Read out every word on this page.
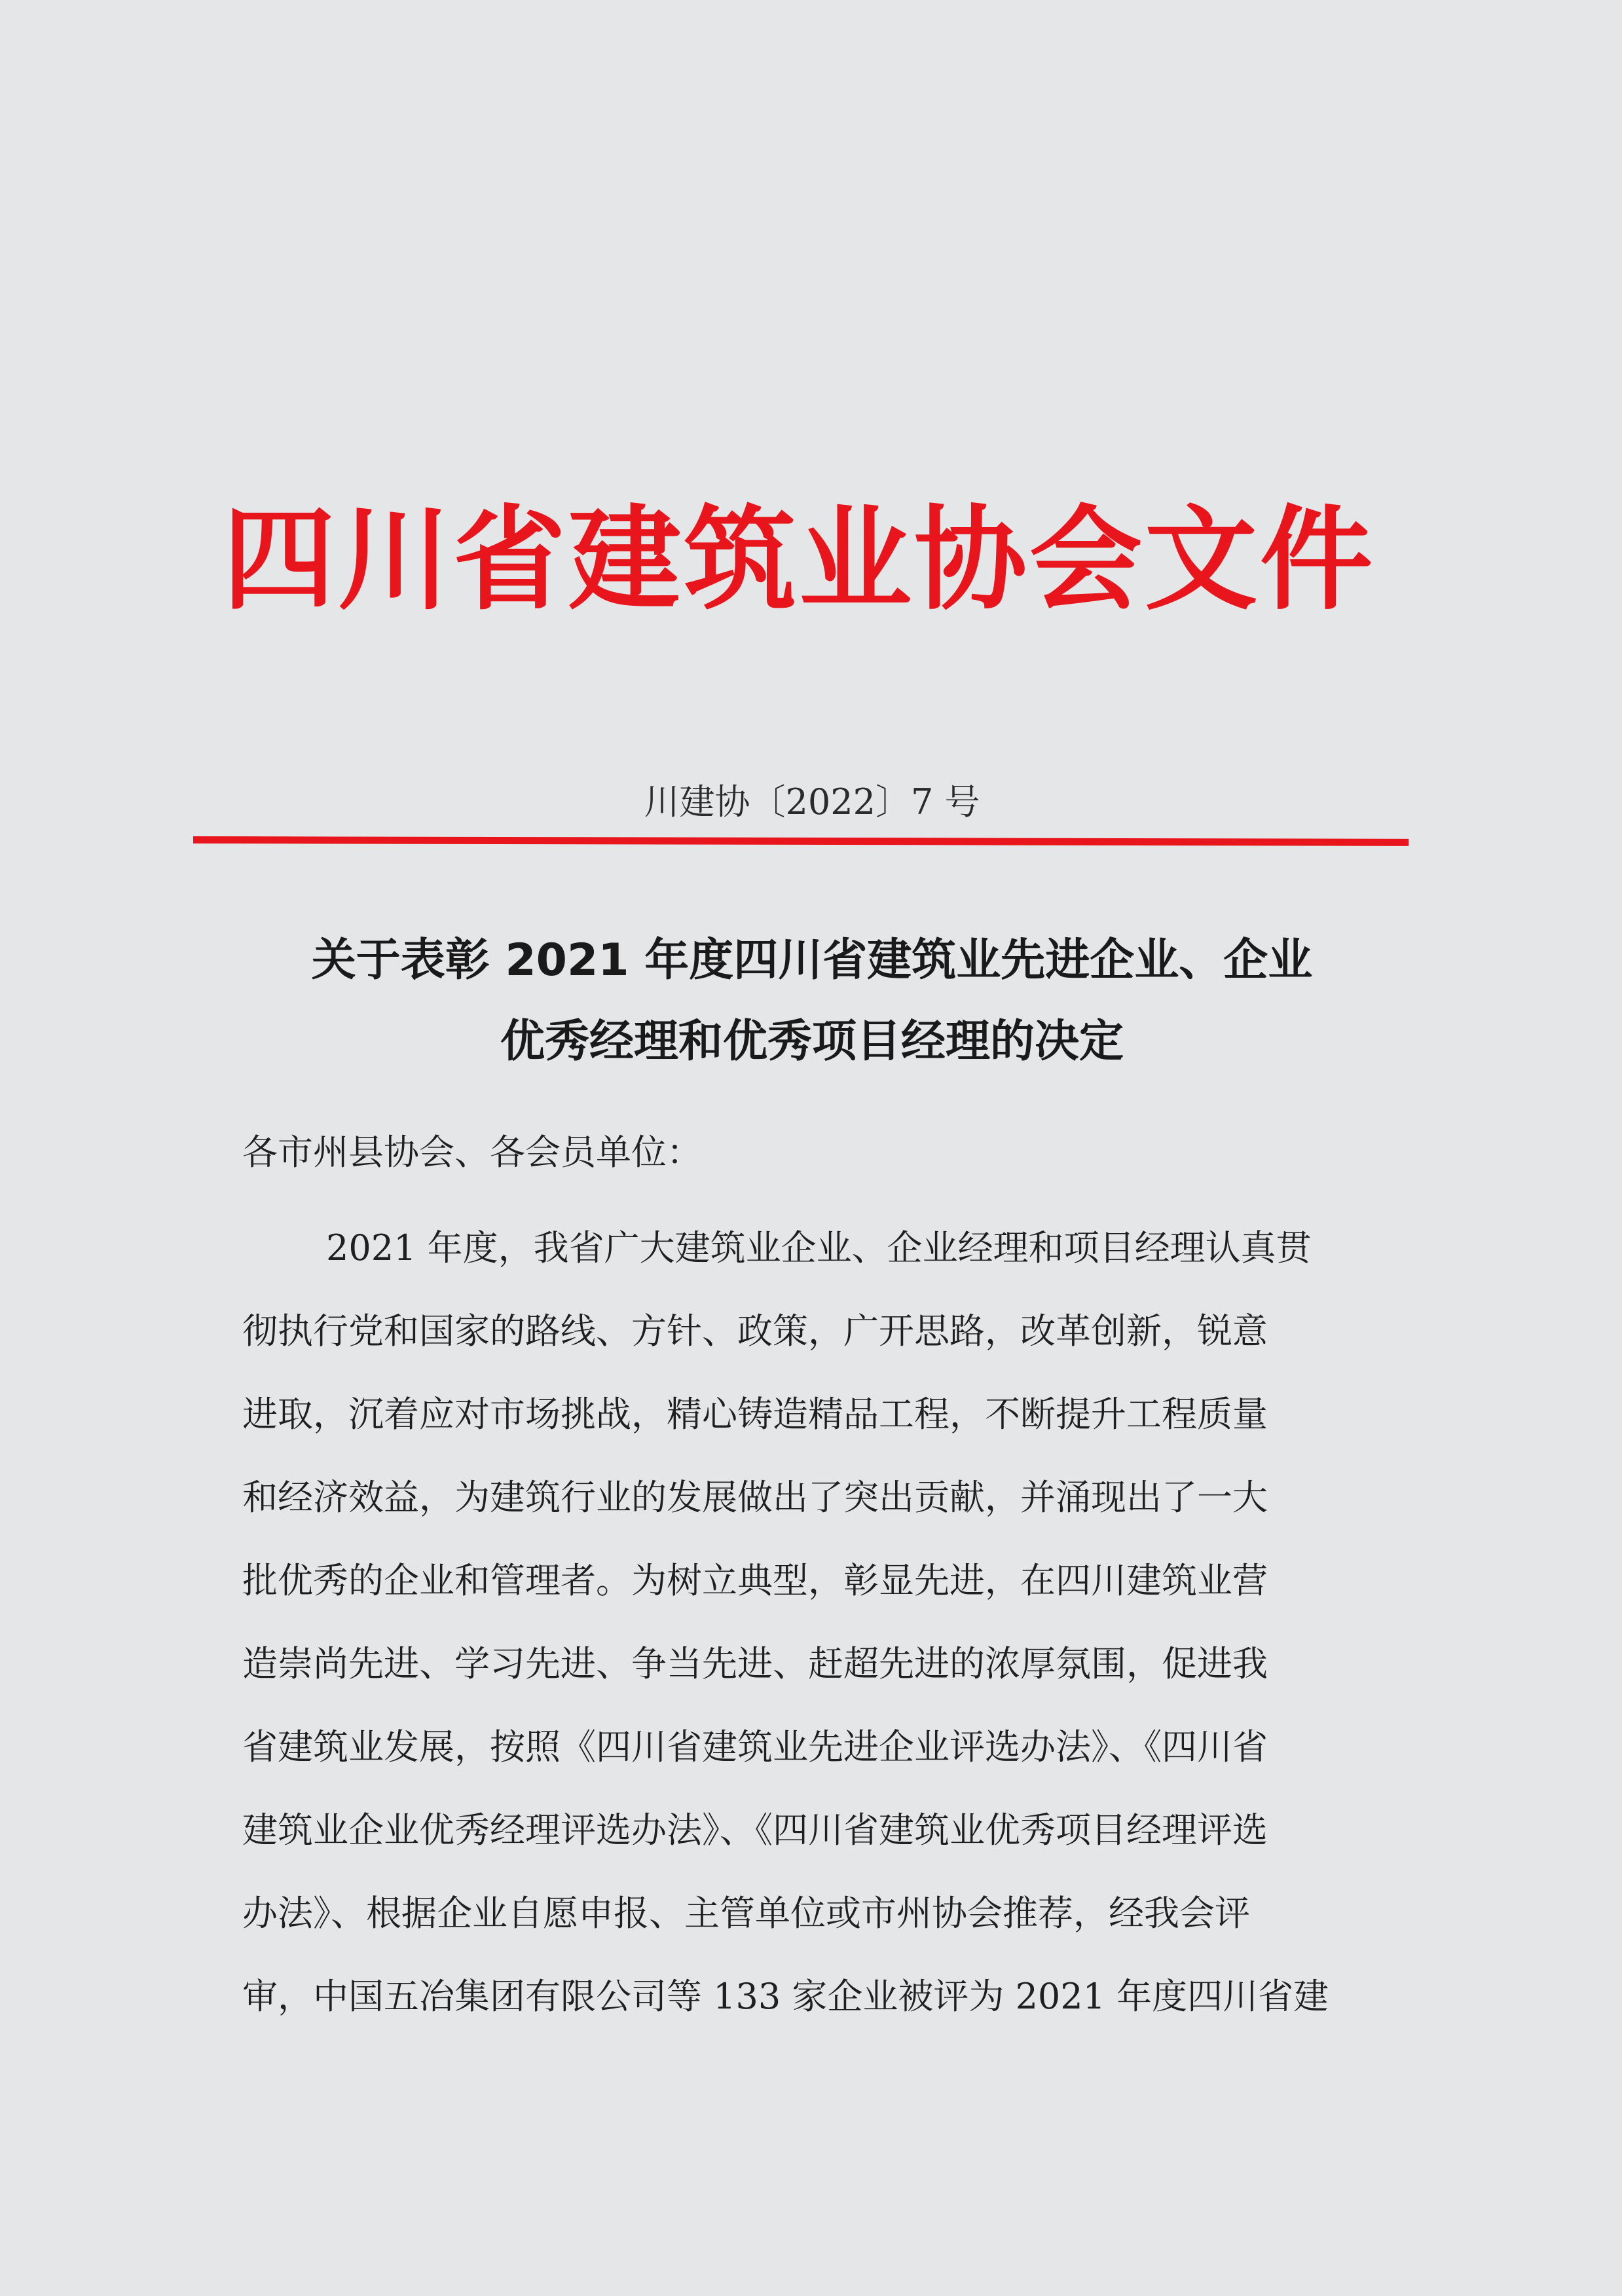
四川省建筑业协会文件
川建协〔2022〕7 号
关于表彰 2021 年度四川省建筑业先进企业、企业
优秀经理和优秀项目经理的决定
各市州县协会、各会员单位：
2021 年度，我省广大建筑业企业、企业经理和项目经理认真贯
彻执行党和国家的路线、方针、政策，广开思路，改革创新，锐意
进取，沉着应对市场挑战，精心铸造精品工程，不断提升工程质量
和经济效益，为建筑行业的发展做出了突出贡献，并涌现出了一大
批优秀的企业和管理者。为树立典型，彰显先进，在四川建筑业营
造崇尚先进、学习先进、争当先进、赶超先进的浓厚氛围，促进我
省建筑业发展，按照《四川省建筑业先进企业评选办法》、《四川省
建筑业企业优秀经理评选办法》、《四川省建筑业优秀项目经理评选
办法》、根据企业自愿申报、主管单位或市州协会推荐，经我会评
审，中国五冶集团有限公司等 133 家企业被评为 2021 年度四川省建
